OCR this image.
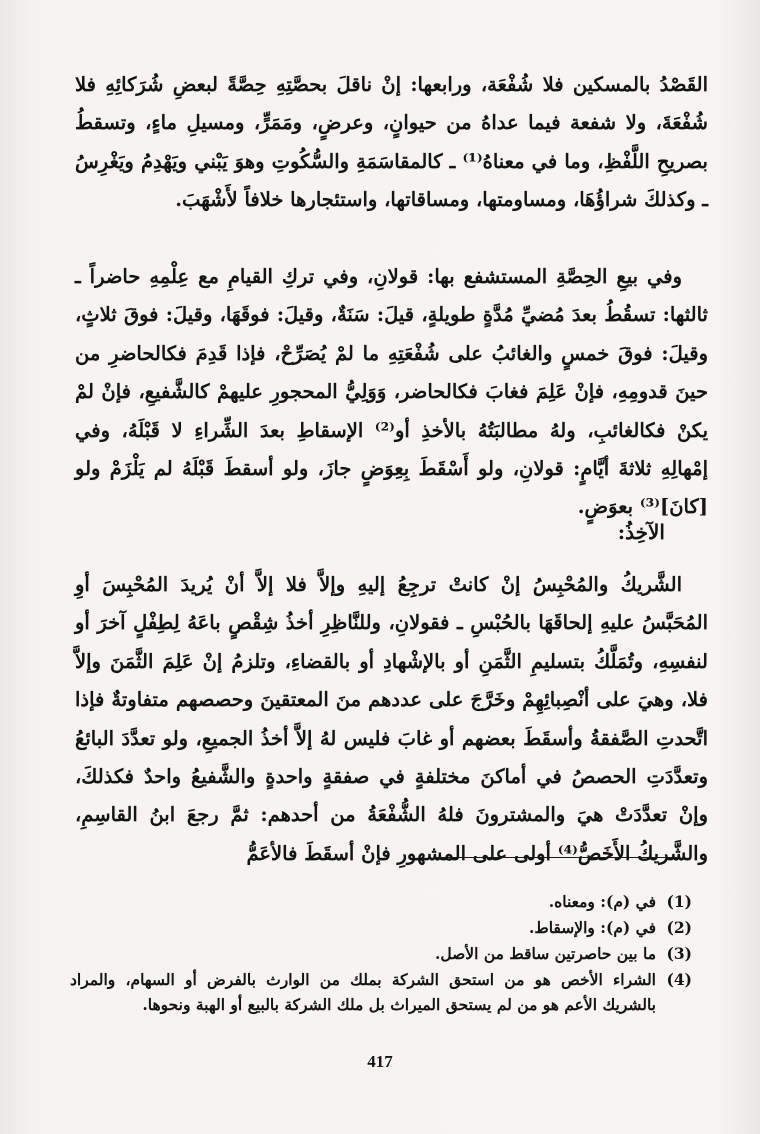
القَصْدُ بالمسكين فلا شُفْعَة، ورابعها: إنْ ناقلَ بحصَّتِهِ حِصَّةً لبعضِ شُرَكائِهِ فلا شُفْعَةَ، ولا شفعة فيما عداهُ من حيوانٍ، وعرضٍ، ومَمَرٍّ، ومسيلِ ماءٍ، وتسقطُ بصريحِ اللَّفْظِ، وما في معناهُ⁽¹⁾ ـ كالمقاسَمَةِ والسُّكُوتِ وهوَ يَبْني ويَهْدِمُ ويَغْرِسُ ـ وكذلكَ شراؤُهَا، ومساومتها، ومساقاتها، واستئجارها خلافاً لأَشْهَبَ.

وفي بيعِ الحِصَّةِ المستشفع بها: قولانِ، وفي تركِ القيامِ مع عِلْمِهِ حاضراً ـ ثالثها: تسقُطُ بعدَ مُضيِّ مُدَّةٍ طويلةٍ، قيلَ: سَنَةٌ، وقيلَ: فوقَهَا، وقيلَ: فوقَ ثلاثٍ، وقيلَ: فوقَ خمسٍ والغائبُ على شُفْعَتِهِ ما لمْ يُصَرِّحْ، فإذا قَدِمَ فكالحاضرِ من حينَ قدومِهِ، فإنْ عَلِمَ فغابَ فكالحاضر، وَوَلِيُّ المحجورِ عليهمْ كالشَّفيعِ، فإنْ لمْ يكنْ فكالغائبِ، ولهُ مطالبَتُهُ بالأخذِ أو⁽²⁾ الإسقاطِ بعدَ الشِّراءِ لا قَبْلَهُ، وفي إمْهالِهِ ثلاثةَ أيَّامٍ: قولانِ، ولو أَسْقَطَ بِعِوَضٍ جازَ، ولو أسقطَ قَبْلَهُ لم يَلْزَمْ ولو [كانَ]⁽³⁾ بعوَضٍ.

الآخِذُ:

الشَّريكُ والمُحْبِسُ إنْ كانتْ ترجِعُ إليهِ وإلاَّ فلا إلاَّ أنْ يُريدَ المُحْبِسَ أوِ المُحَبَّسُ عليهِ إلحاقَهَا بالحُبْسِ ـ فقولانِ، وللنَّاظِرِ أخذُ شِقْصٍ باعَهُ لِطِفْلٍ آخرَ أو لنفسِهِ، وتُمَلَّكُ بتسليمِ الثَّمَنِ أو بالإشْهادِ أو بالقضاءِ، وتلزمُ إنْ عَلِمَ الثَّمَنَ وإلاَّ فلا، وهيَ على أنْصِبائِهِمْ وخَرَّجَ على عددهم منَ المعتقينَ وحصصهم متفاوتةٌ فإذا اتَّحدتِ الصَّفقةُ وأسقَطَ بعضهم أو غابَ فليس لهُ إلاَّ أخذُ الجميعِ، ولو تعدَّدَ البائعُ وتعدَّدَتِ الحصصُ في أماكنَ مختلفةٍ في صفقةٍ واحدةٍ والشَّفيعُ واحدٌ فكذلكَ، وإنْ تعدَّدَتْ هيَ والمشترونَ فلهُ الشُّفْعَةُ من أحدهم: ثمَّ رجعَ ابنُ القاسِمِ، والشَّريكُ الأَخَصُّ⁽⁴⁾ أولى على المشهورِ فإنْ أسقَطَ فالأعَمُّ

(1)
في (م): ومعناه.
(2)
في (م): والإسقاط.
(3)
ما بين حاصرتين ساقط من الأصل.
(4)
الشراء الأخص هو من استحق الشركة بملك من الوارث بالفرض أو السهام، والمراد بالشريك الأعم هو من لم يستحق الميراث بل ملك الشركة بالبيع أو الهبة ونحوها.
417
